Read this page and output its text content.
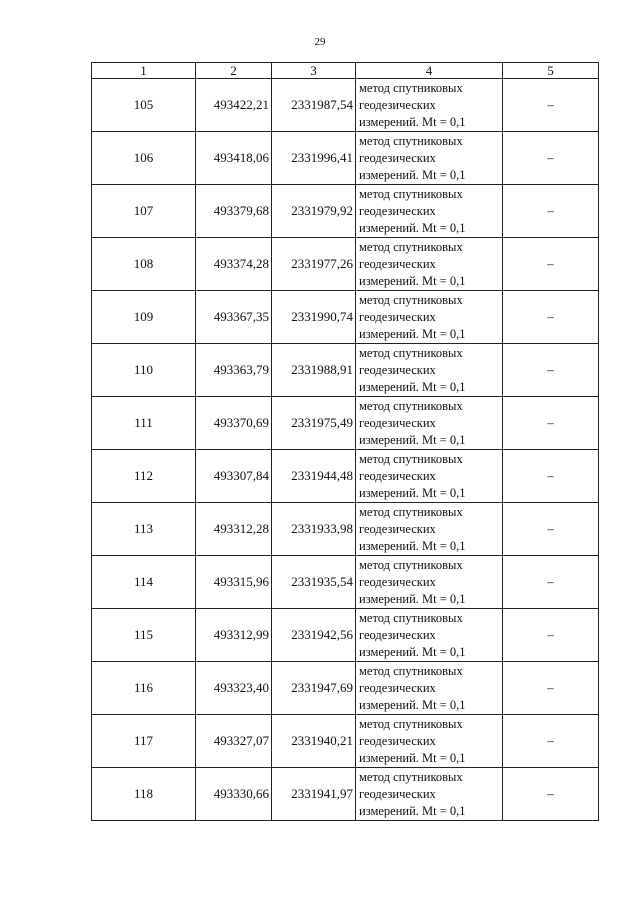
29
1	2	3	4	5
105	493422,21	2331987,54	метод спутниковых
геодезических
измерений. Mt = 0,1	–
106	493418,06	2331996,41	метод спутниковых
геодезических
измерений. Mt = 0,1	–
107	493379,68	2331979,92	метод спутниковых
геодезических
измерений. Mt = 0,1	–
108	493374,28	2331977,26	метод спутниковых
геодезических
измерений. Mt = 0,1	–
109	493367,35	2331990,74	метод спутниковых
геодезических
измерений. Mt = 0,1	–
110	493363,79	2331988,91	метод спутниковых
геодезических
измерений. Mt = 0,1	–
111	493370,69	2331975,49	метод спутниковых
геодезических
измерений. Mt = 0,1	–
112	493307,84	2331944,48	метод спутниковых
геодезических
измерений. Mt = 0,1	–
113	493312,28	2331933,98	метод спутниковых
геодезических
измерений. Mt = 0,1	–
114	493315,96	2331935,54	метод спутниковых
геодезических
измерений. Mt = 0,1	–
115	493312,99	2331942,56	метод спутниковых
геодезических
измерений. Mt = 0,1	–
116	493323,40	2331947,69	метод спутниковых
геодезических
измерений. Mt = 0,1	–
117	493327,07	2331940,21	метод спутниковых
геодезических
измерений. Mt = 0,1	–
118	493330,66	2331941,97	метод спутниковых
геодезических
измерений. Mt = 0,1	–
